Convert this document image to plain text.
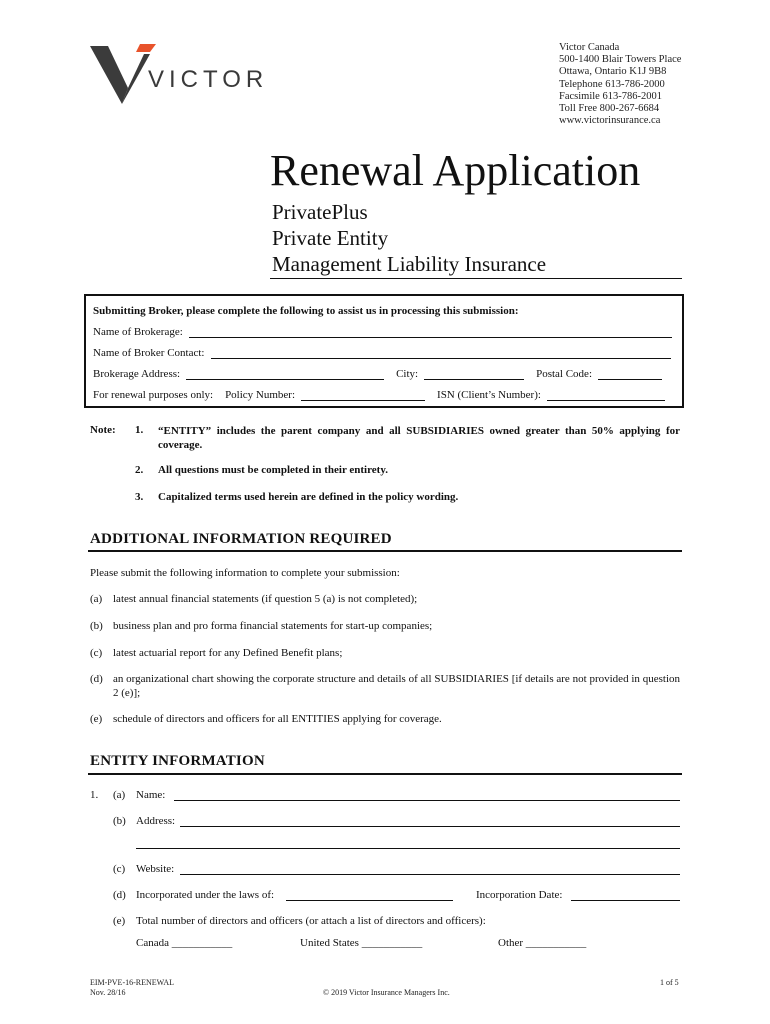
VICTOR
Victor Canada
500-1400 Blair Towers Place
Ottawa, Ontario K1J 9B8
Telephone 613-786-2000
Facsimile 613-786-2001
Toll Free 800-267-6684
www.victorinsurance.ca
Renewal Application
PrivatePlus
Private Entity
Management Liability Insurance
Submitting Broker, please complete the following to assist us in processing this submission:
Name of Brokerage:
Name of Broker Contact:
Brokerage Address:	City:	Postal Code:
For renewal purposes only: Policy Number:	ISN (Client’s Number):
Note: 1. “ENTITY” includes the parent company and all SUBSIDIARIES owned greater than 50% applying for coverage.
2. All questions must be completed in their entirety.
3. Capitalized terms used herein are defined in the policy wording.
ADDITIONAL INFORMATION REQUIRED
Please submit the following information to complete your submission:
(a) latest annual financial statements (if question 5 (a) is not completed);
(b) business plan and pro forma financial statements for start-up companies;
(c) latest actuarial report for any Defined Benefit plans;
(d) an organizational chart showing the corporate structure and details of all SUBSIDIARIES [if details are not provided in question 2 (e)];
(e) schedule of directors and officers for all ENTITIES applying for coverage.
ENTITY INFORMATION
1. (a) Name:
(b) Address:
(c) Website:
(d) Incorporated under the laws of:	Incorporation Date:
(e) Total number of directors and officers (or attach a list of directors and officers):
Canada ___________	United States ___________	Other ___________
EIM-PVE-16-RENEWAL
Nov. 28/16	© 2019 Victor Insurance Managers Inc.
1 of 5
